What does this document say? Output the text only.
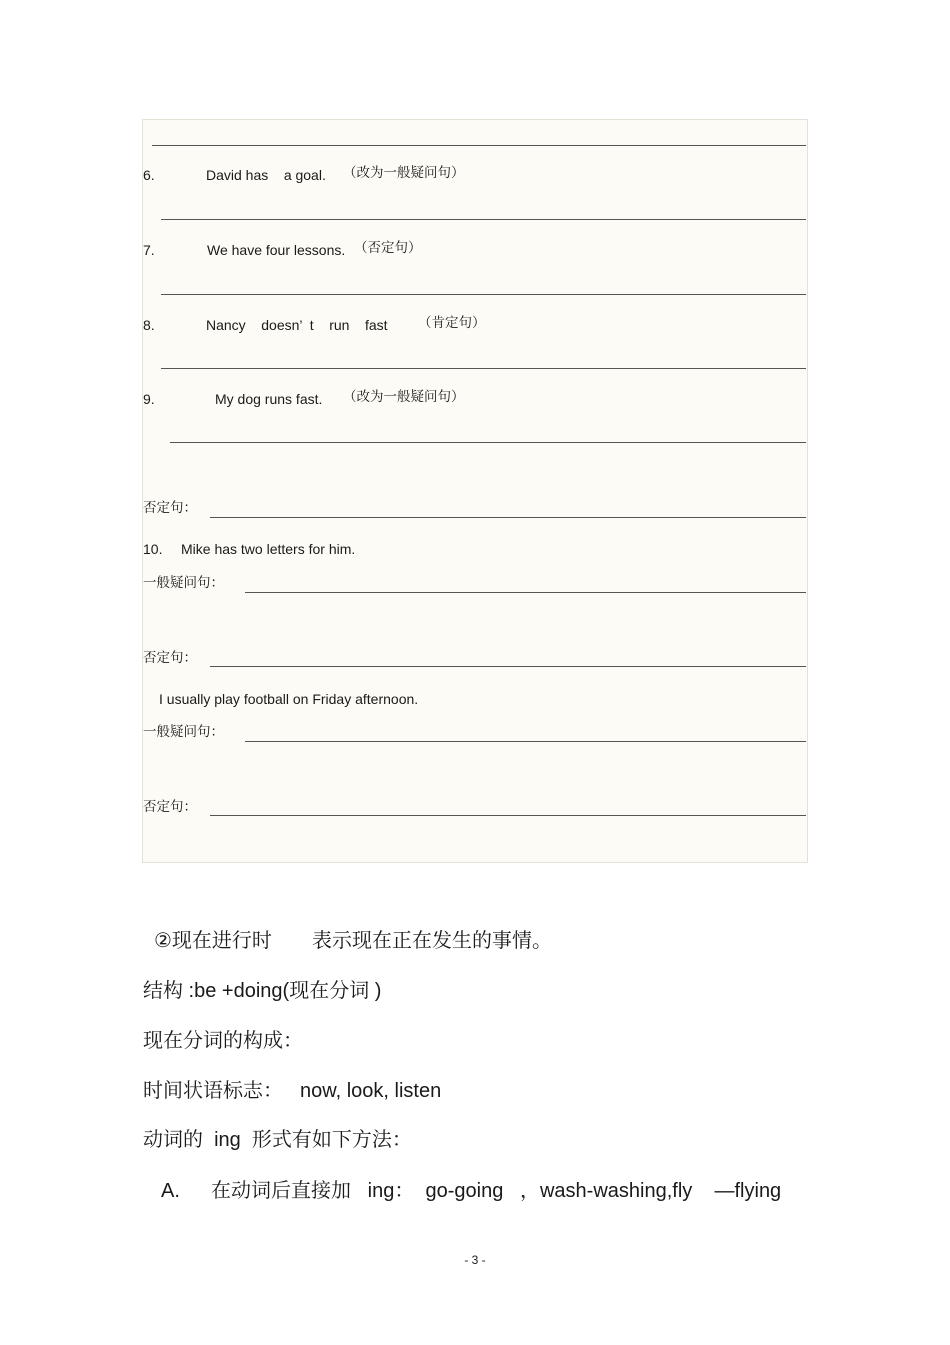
6.	David has    a goal. （改为一般疑问句）
7.	We have four lessons. （否定句）
8.	Nancy    doesn’  t    run    fast （肯定句）
9.	My dog runs fast. （改为一般疑问句）
否定句：
10. Mike has two letters for him.
一般疑问句：
否定句：
I usually play football on Friday afternoon.
一般疑问句：
否定句：
②现在进行时 表示现在正在发生的事情。
结构 :be +doing(现在分词 )
现在分词的构成：
时间状语标志： now, look, listen
动词的  ing  形式有如下方法：
A. 在动词后直接加   ing：  go-going   ，wash-washing,fly    —flying
- 3 -
